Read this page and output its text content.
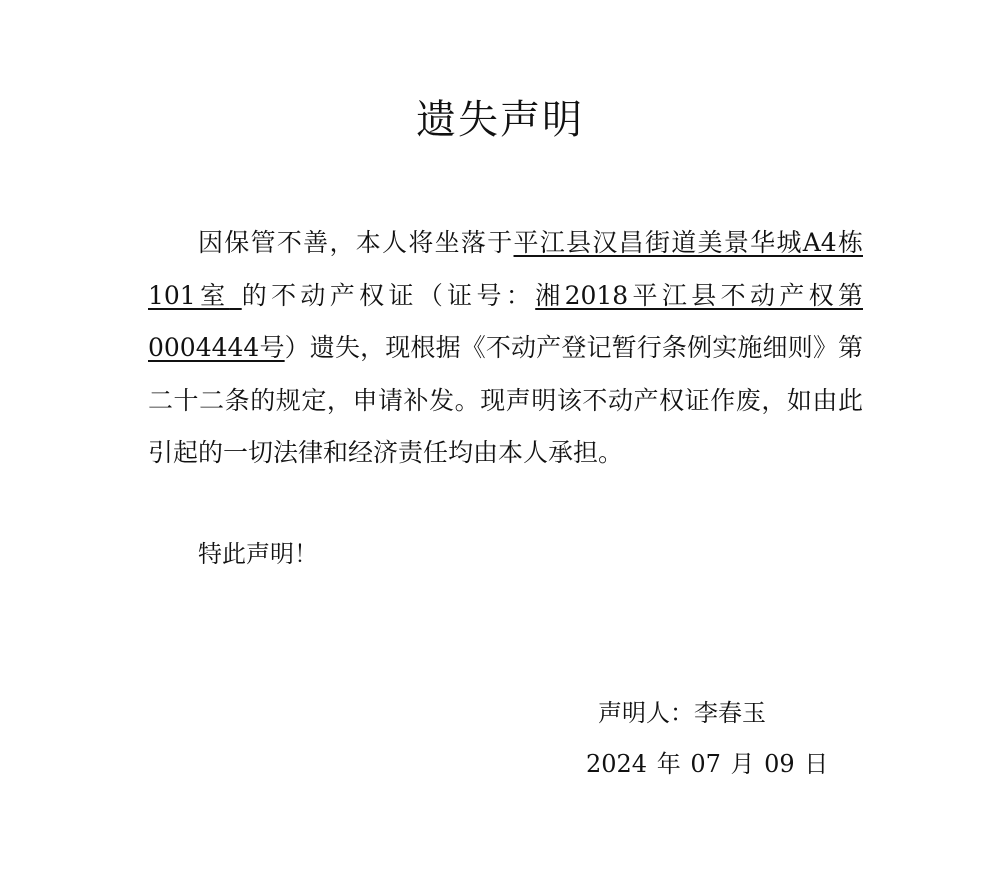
遗失声明

因保管不善，本人将坐落于平江县汉昌街道美景华城A4栋101室 的不动产权证（证号：湘2018平江县不动产权第0004444号）遗失，现根据《不动产登记暂行条例实施细则》第二十二条的规定，申请补发。现声明该不动产权证作废，如由此引起的一切法律和经济责任均由本人承担。

特此声明！
声明人：李春玉
2024 年 07 月 09 日
